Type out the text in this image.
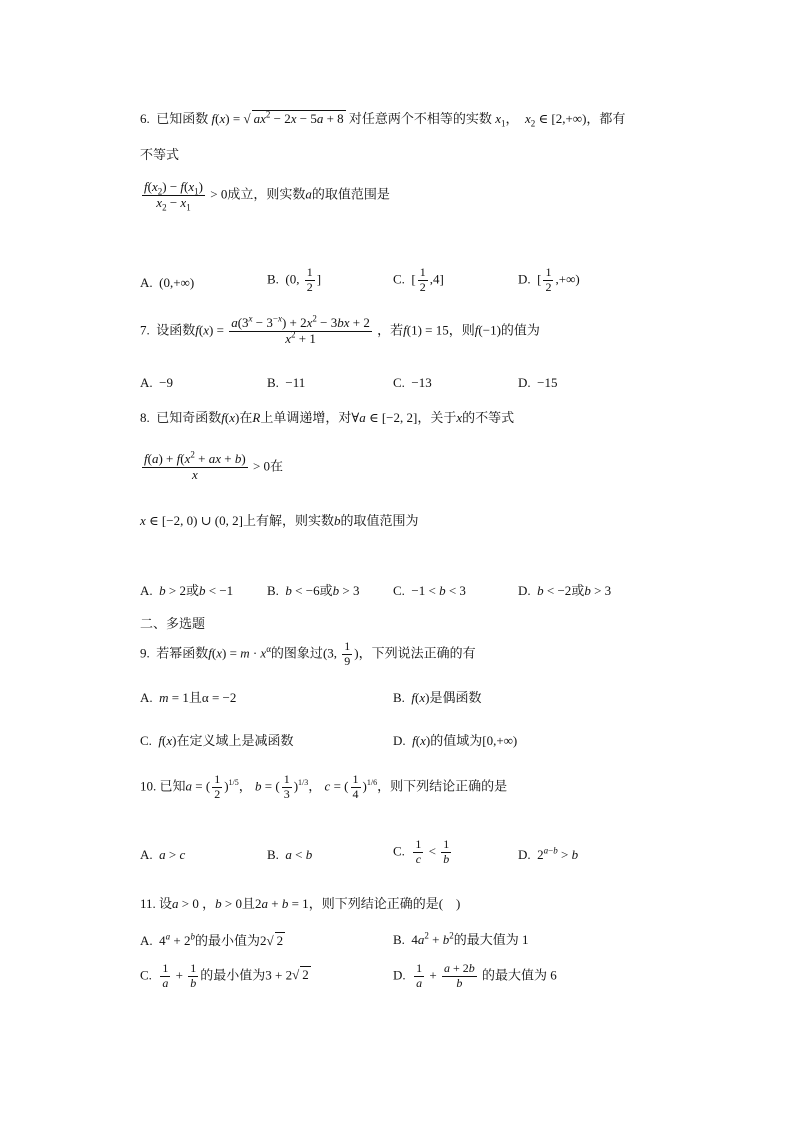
6. 已知函数 f(x) = √ $ax^2 - 2x - 5a + 8$ 对任意两个不相等的实数 $x_1$， $x_2$ ∈ [2,+∞)，都有
不等式
$\frac{f(x_2) - f(x_1)}{x_2 - x_1} > 0$成立，则实数a的取值范围是
A.  (0,+∞)	B.  (0, $\frac{1}{2}$ ]	C.  [ $\frac{1}{2} ,4$]	D.  [ $\frac{1}{2}$ ,+∞)
7. 设函数$f(x) = \frac{a(3^x - 3^{-x}) + 2x^2 - 3bx + 2}{x^2 + 1}$ ，若f(1) = 15，则f(−1)的值为
A. −9	B. −11	C. −13	D. −15
8. 已知奇函数f(x)在R上单调递增，对∀a ∈ [−2, 2]，关于x的不等式
$\frac{f(a) + f(x^2 + ax + b)}{x} > 0$在
x ∈ [−2, 0) ∪ (0, 2]上有解，则实数b的取值范围为
A.  b > 2或b < −1	B.  b < −6或b > 3	C.  −1 < b < 3	D.  b < −2或b > 3
二、多选题
9. 若幂函数$f(x) = m \cdot x^\alpha$的图象过(3, $\frac{1}{9}$ )，下列说法正确的有
A.  m = 1且α = −2	B.  f(x)是偶函数
C.  f(x)在定义域上是减函数	D.  f(x)的值域为[0,+∞)
10. 已知a = ( $\frac{1}{2} )^{1/5}$， b = ( $\frac{1}{3} )^{1/3}$， c = ( $\frac{1}{4} )^{1/6}$，则下列结论正确的是
A.  a > c	B.  a < b	C. $\frac{1}{c} < \frac{1}{b}$	D.  $2^{a-b} > b$
11. 设a > 0 ，b > 0且2a + b = 1，则下列结论正确的是(　)
A.  $4^a + 2^b$的最小值为2√ 2	B.  $4a^2 + b^2$的最大值为 1
C. $\frac{1}{a} + \frac{1}{b}$ 的最小值为3 + 2√ 2	D. $\frac{1}{a} + \frac{a + 2b}{b}$ 的最大值为 6
